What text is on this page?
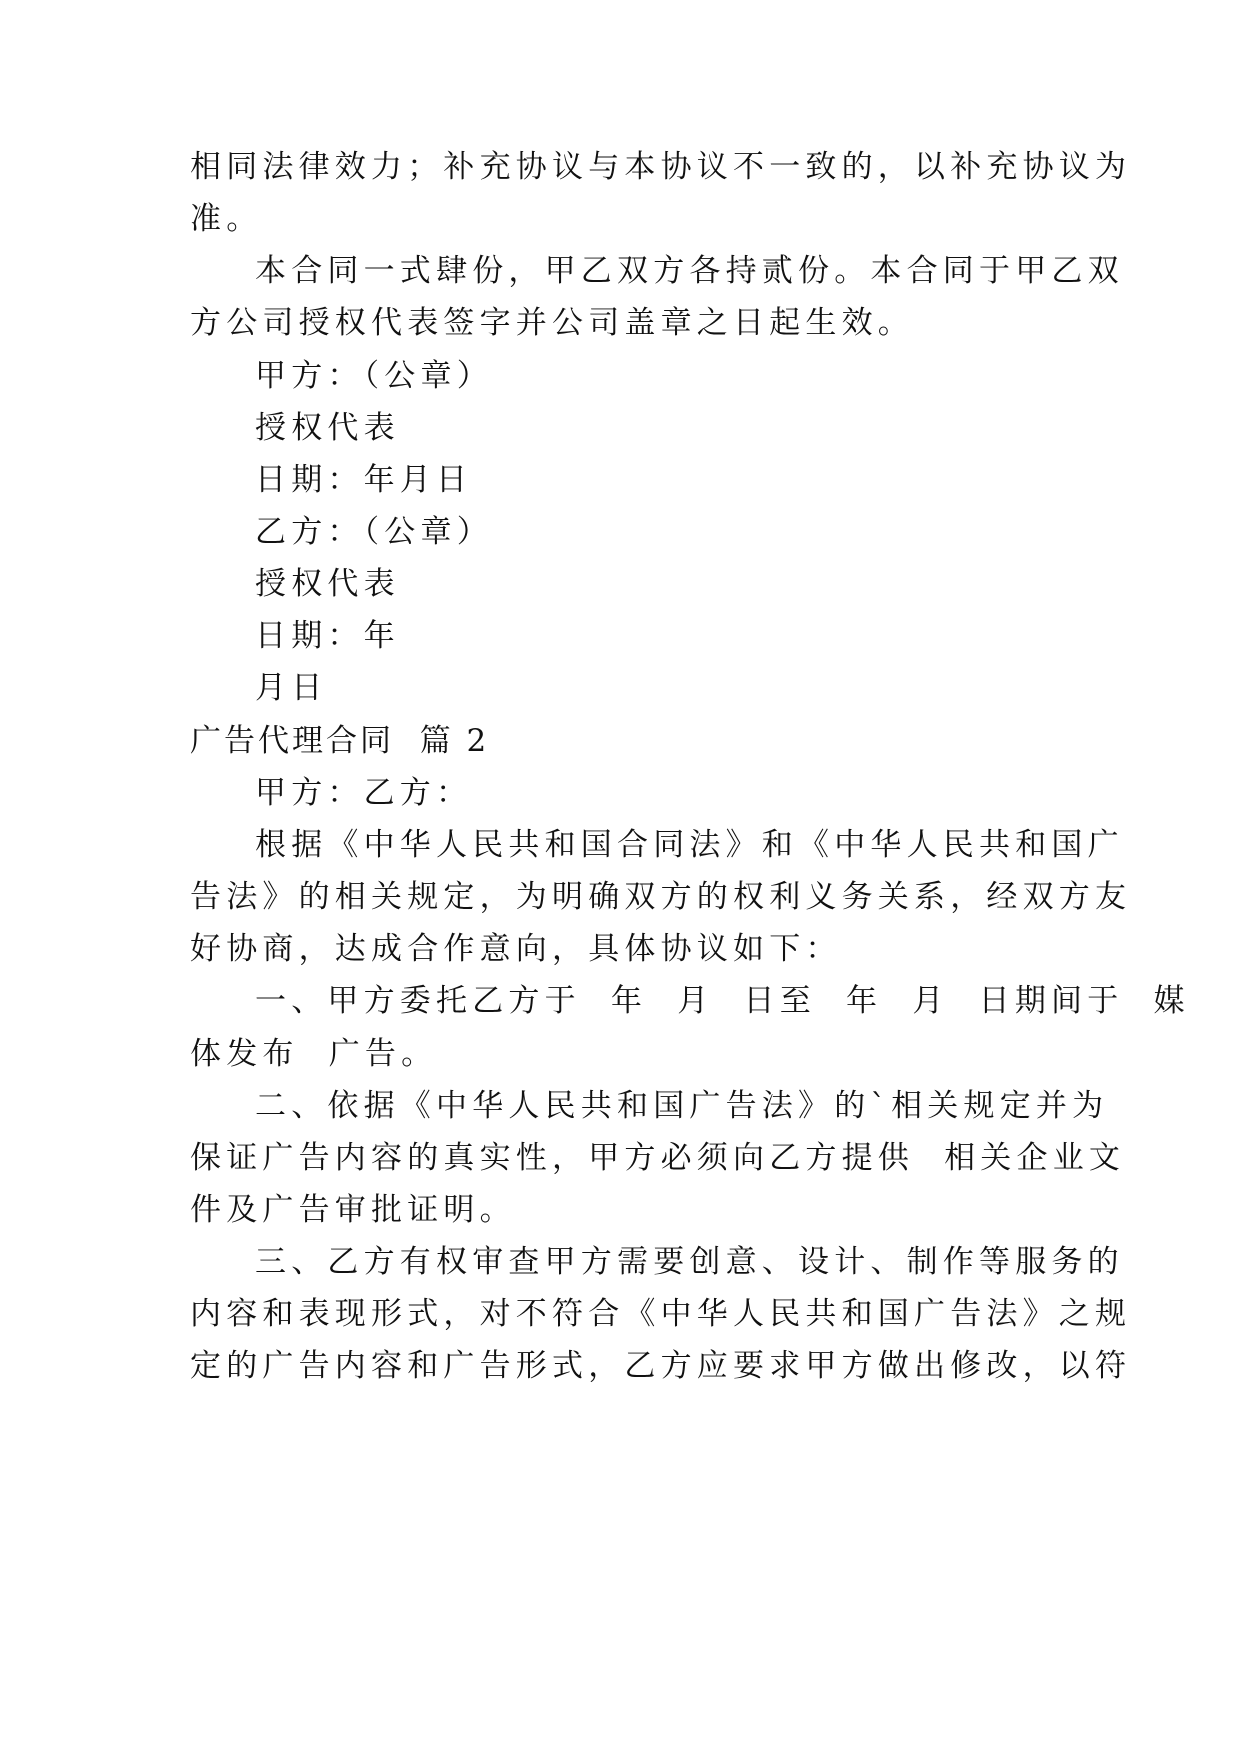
相同法律效力；补充协议与本协议不一致的，以补充协议为
准。
本合同一式肆份，甲乙双方各持贰份。本合同于甲乙双
方公司授权代表签字并公司盖章之日起生效。
甲方：（公章）
授权代表
日期：年月日
乙方：（公章）
授权代表
日期：年
月日
广告代理合同  篇 2
甲方：乙方：
根据《中华人民共和国合同法》和《中华人民共和国广
告法》的相关规定，为明确双方的权利义务关系，经双方友
好协商，达成合作意向，具体协议如下：
一、甲方委托乙方于  年  月  日至  年  月  日期间于  媒
体发布  广告。
二、依据《中华人民共和国广告法》的`相关规定并为
保证广告内容的真实性，甲方必须向乙方提供  相关企业文
件及广告审批证明。
三、乙方有权审查甲方需要创意、设计、制作等服务的
内容和表现形式，对不符合《中华人民共和国广告法》之规
定的广告内容和广告形式，乙方应要求甲方做出修改，以符
